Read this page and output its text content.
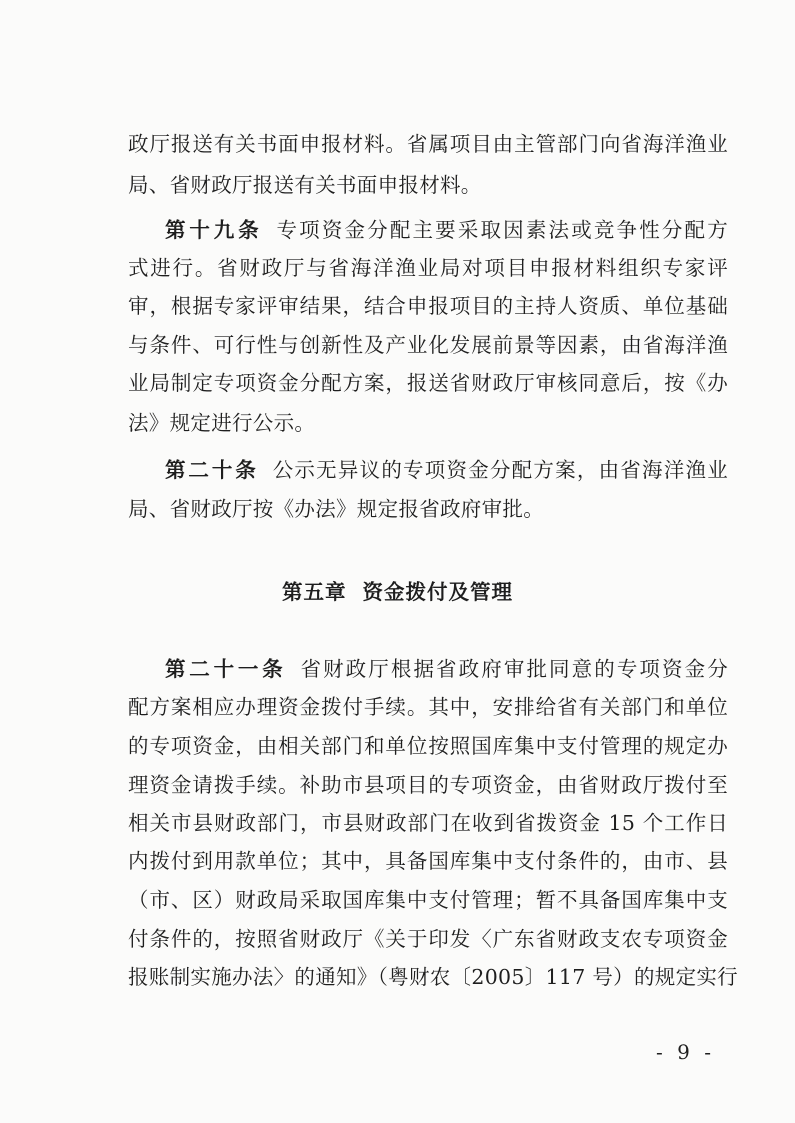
政厅报送有关书面申报材料。省属项目由主管部门向省海洋渔业
局、省财政厅报送有关书面申报材料。
第十九条 专项资金分配主要采取因素法或竞争性分配方
式进行。省财政厅与省海洋渔业局对项目申报材料组织专家评
审，根据专家评审结果，结合申报项目的主持人资质、单位基础
与条件、可行性与创新性及产业化发展前景等因素，由省海洋渔
业局制定专项资金分配方案，报送省财政厅审核同意后，按《办
法》规定进行公示。
第二十条 公示无异议的专项资金分配方案，由省海洋渔业
局、省财政厅按《办法》规定报省政府审批。
第五章 资金拨付及管理
第二十一条 省财政厅根据省政府审批同意的专项资金分
配方案相应办理资金拨付手续。其中，安排给省有关部门和单位
的专项资金，由相关部门和单位按照国库集中支付管理的规定办
理资金请拨手续。补助市县项目的专项资金，由省财政厅拨付至
相关市县财政部门，市县财政部门在收到省拨资金 15 个工作日
内拨付到用款单位；其中，具备国库集中支付条件的，由市、县
（市、区）财政局采取国库集中支付管理；暂不具备国库集中支
付条件的，按照省财政厅《关于印发〈广东省财政支农专项资金
报账制实施办法〉的通知》（粤财农〔2005〕117 号）的规定实行
- 9 -
